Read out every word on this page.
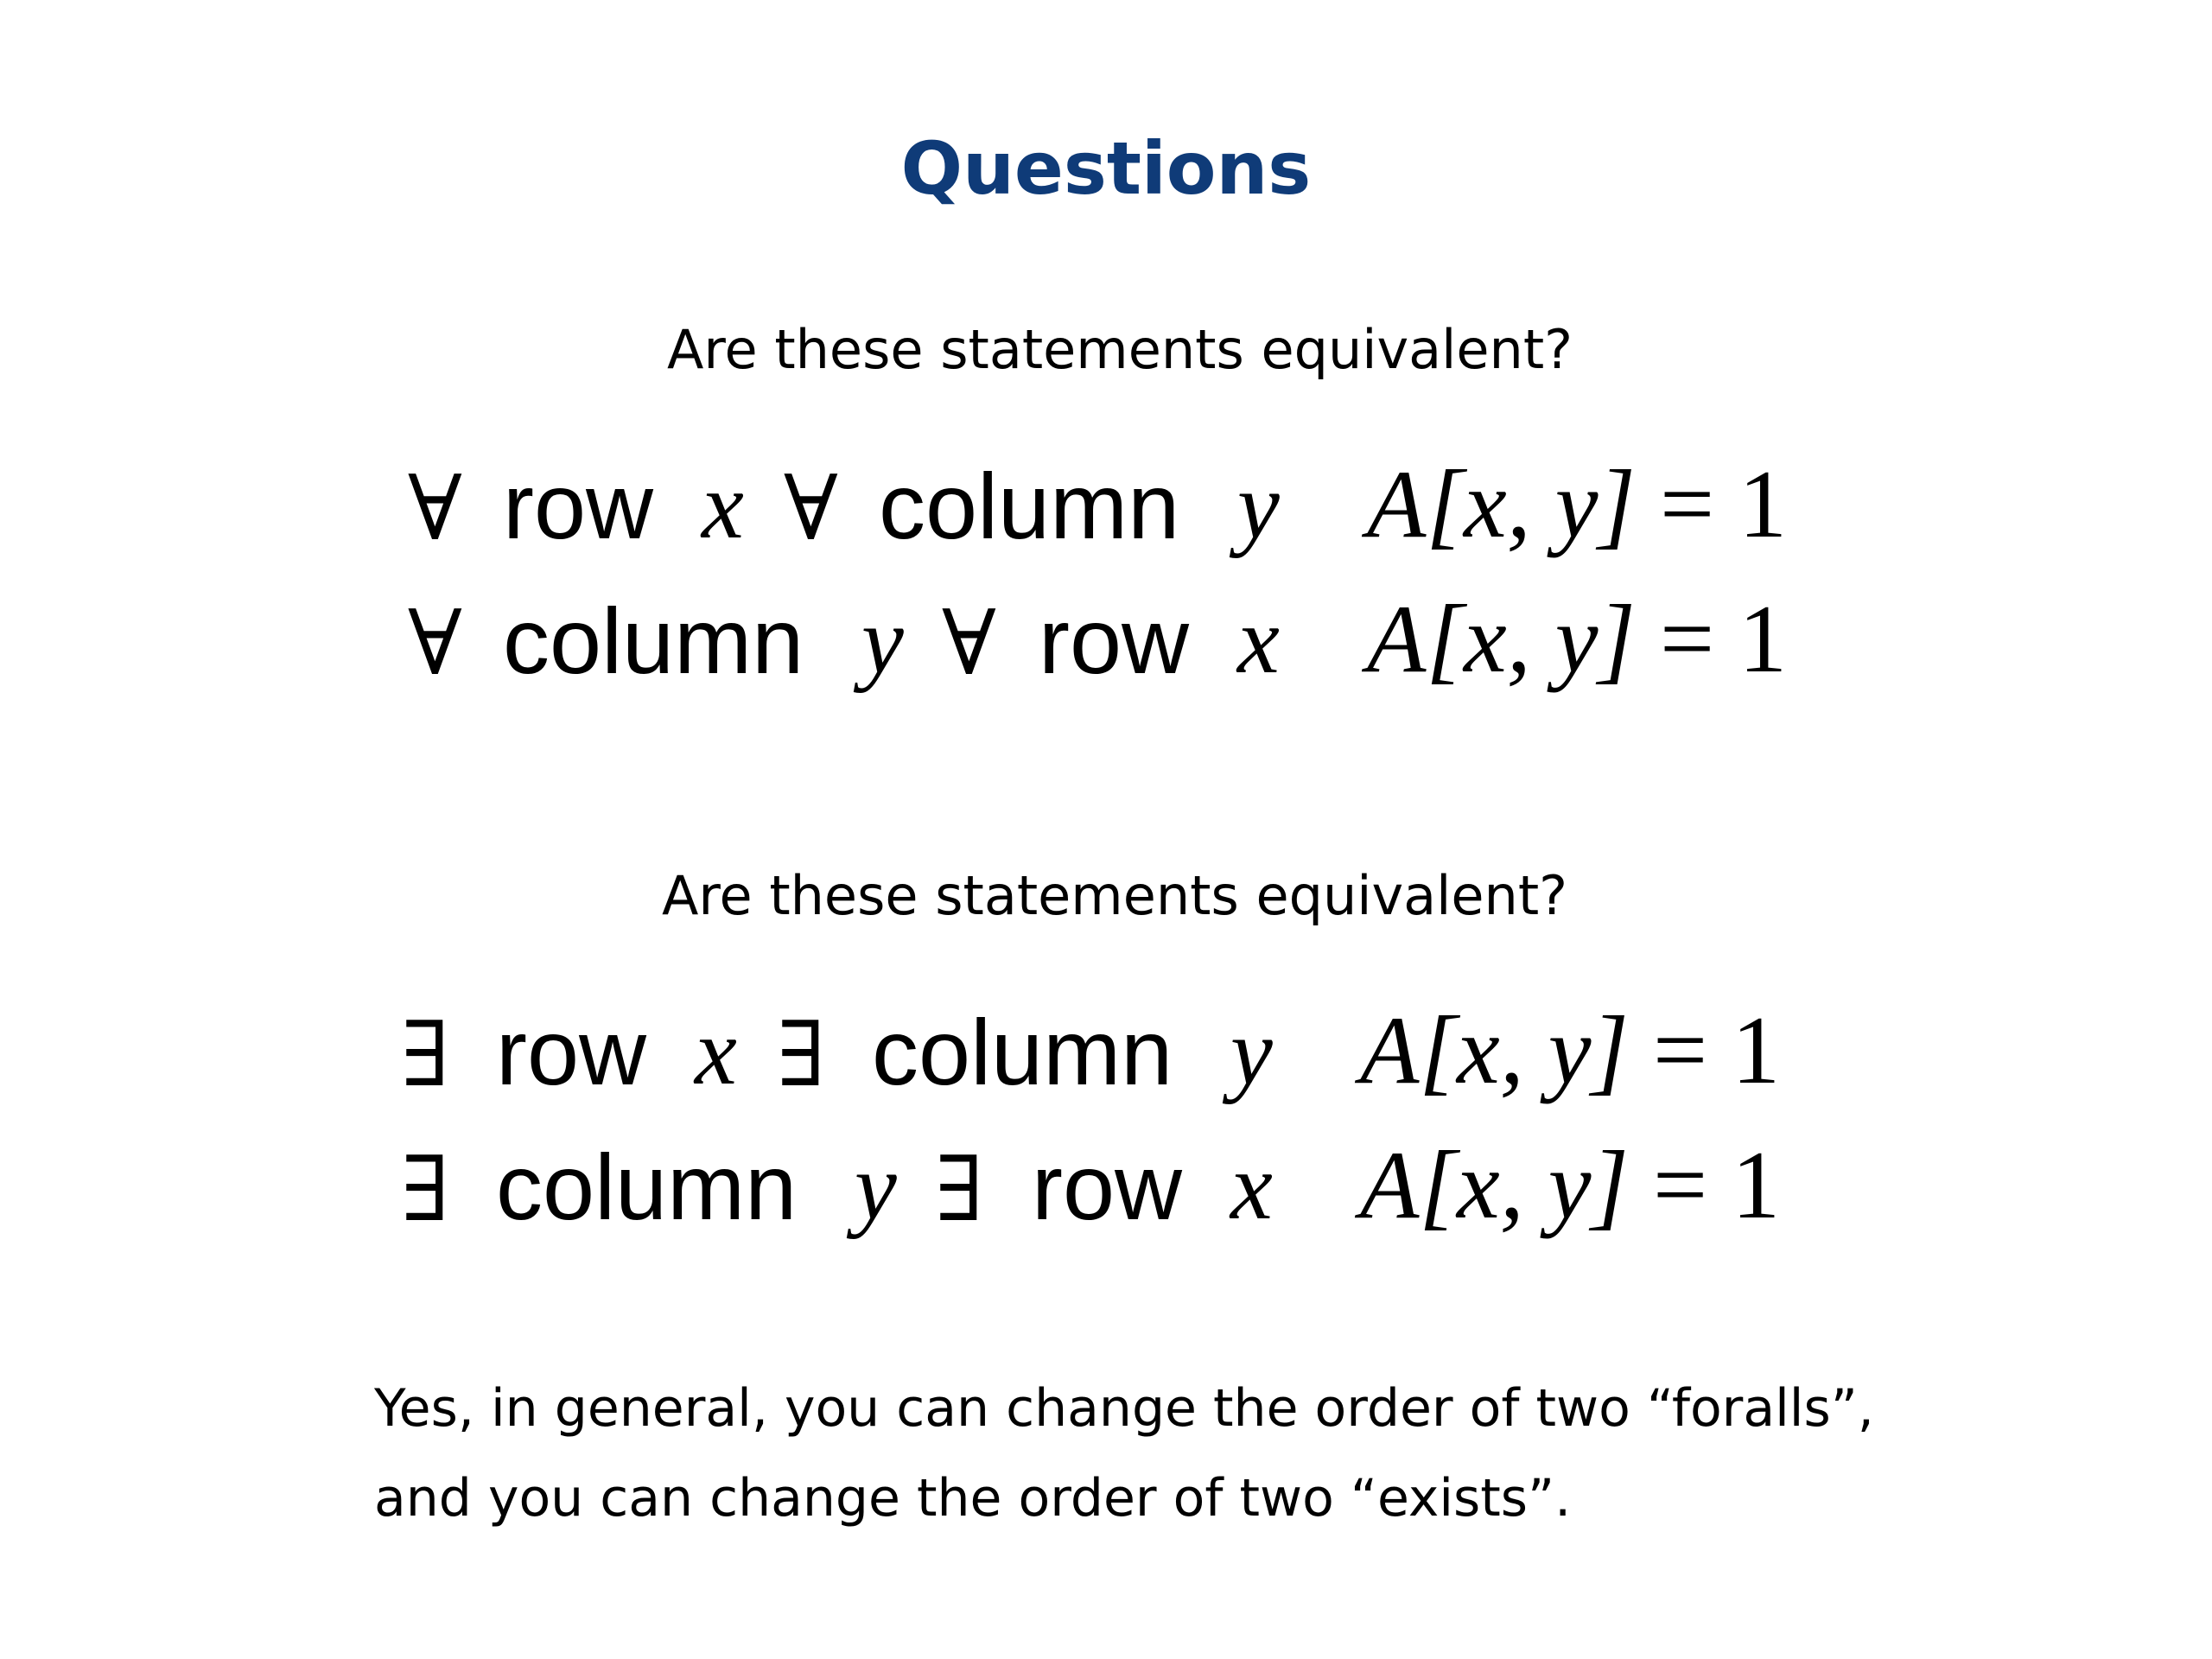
Questions
Are these statements equivalent?
∀ row x ∀ column y A[x, y] = 1
∀ column y ∀ row x A[x, y] = 1
Are these statements equivalent?
∃ row x ∃ column y A[x, y] = 1
∃ column y ∃ row x A[x, y] = 1
Yes, in general, you can change the order of two “foralls”,
and you can change the order of two “exists”.
